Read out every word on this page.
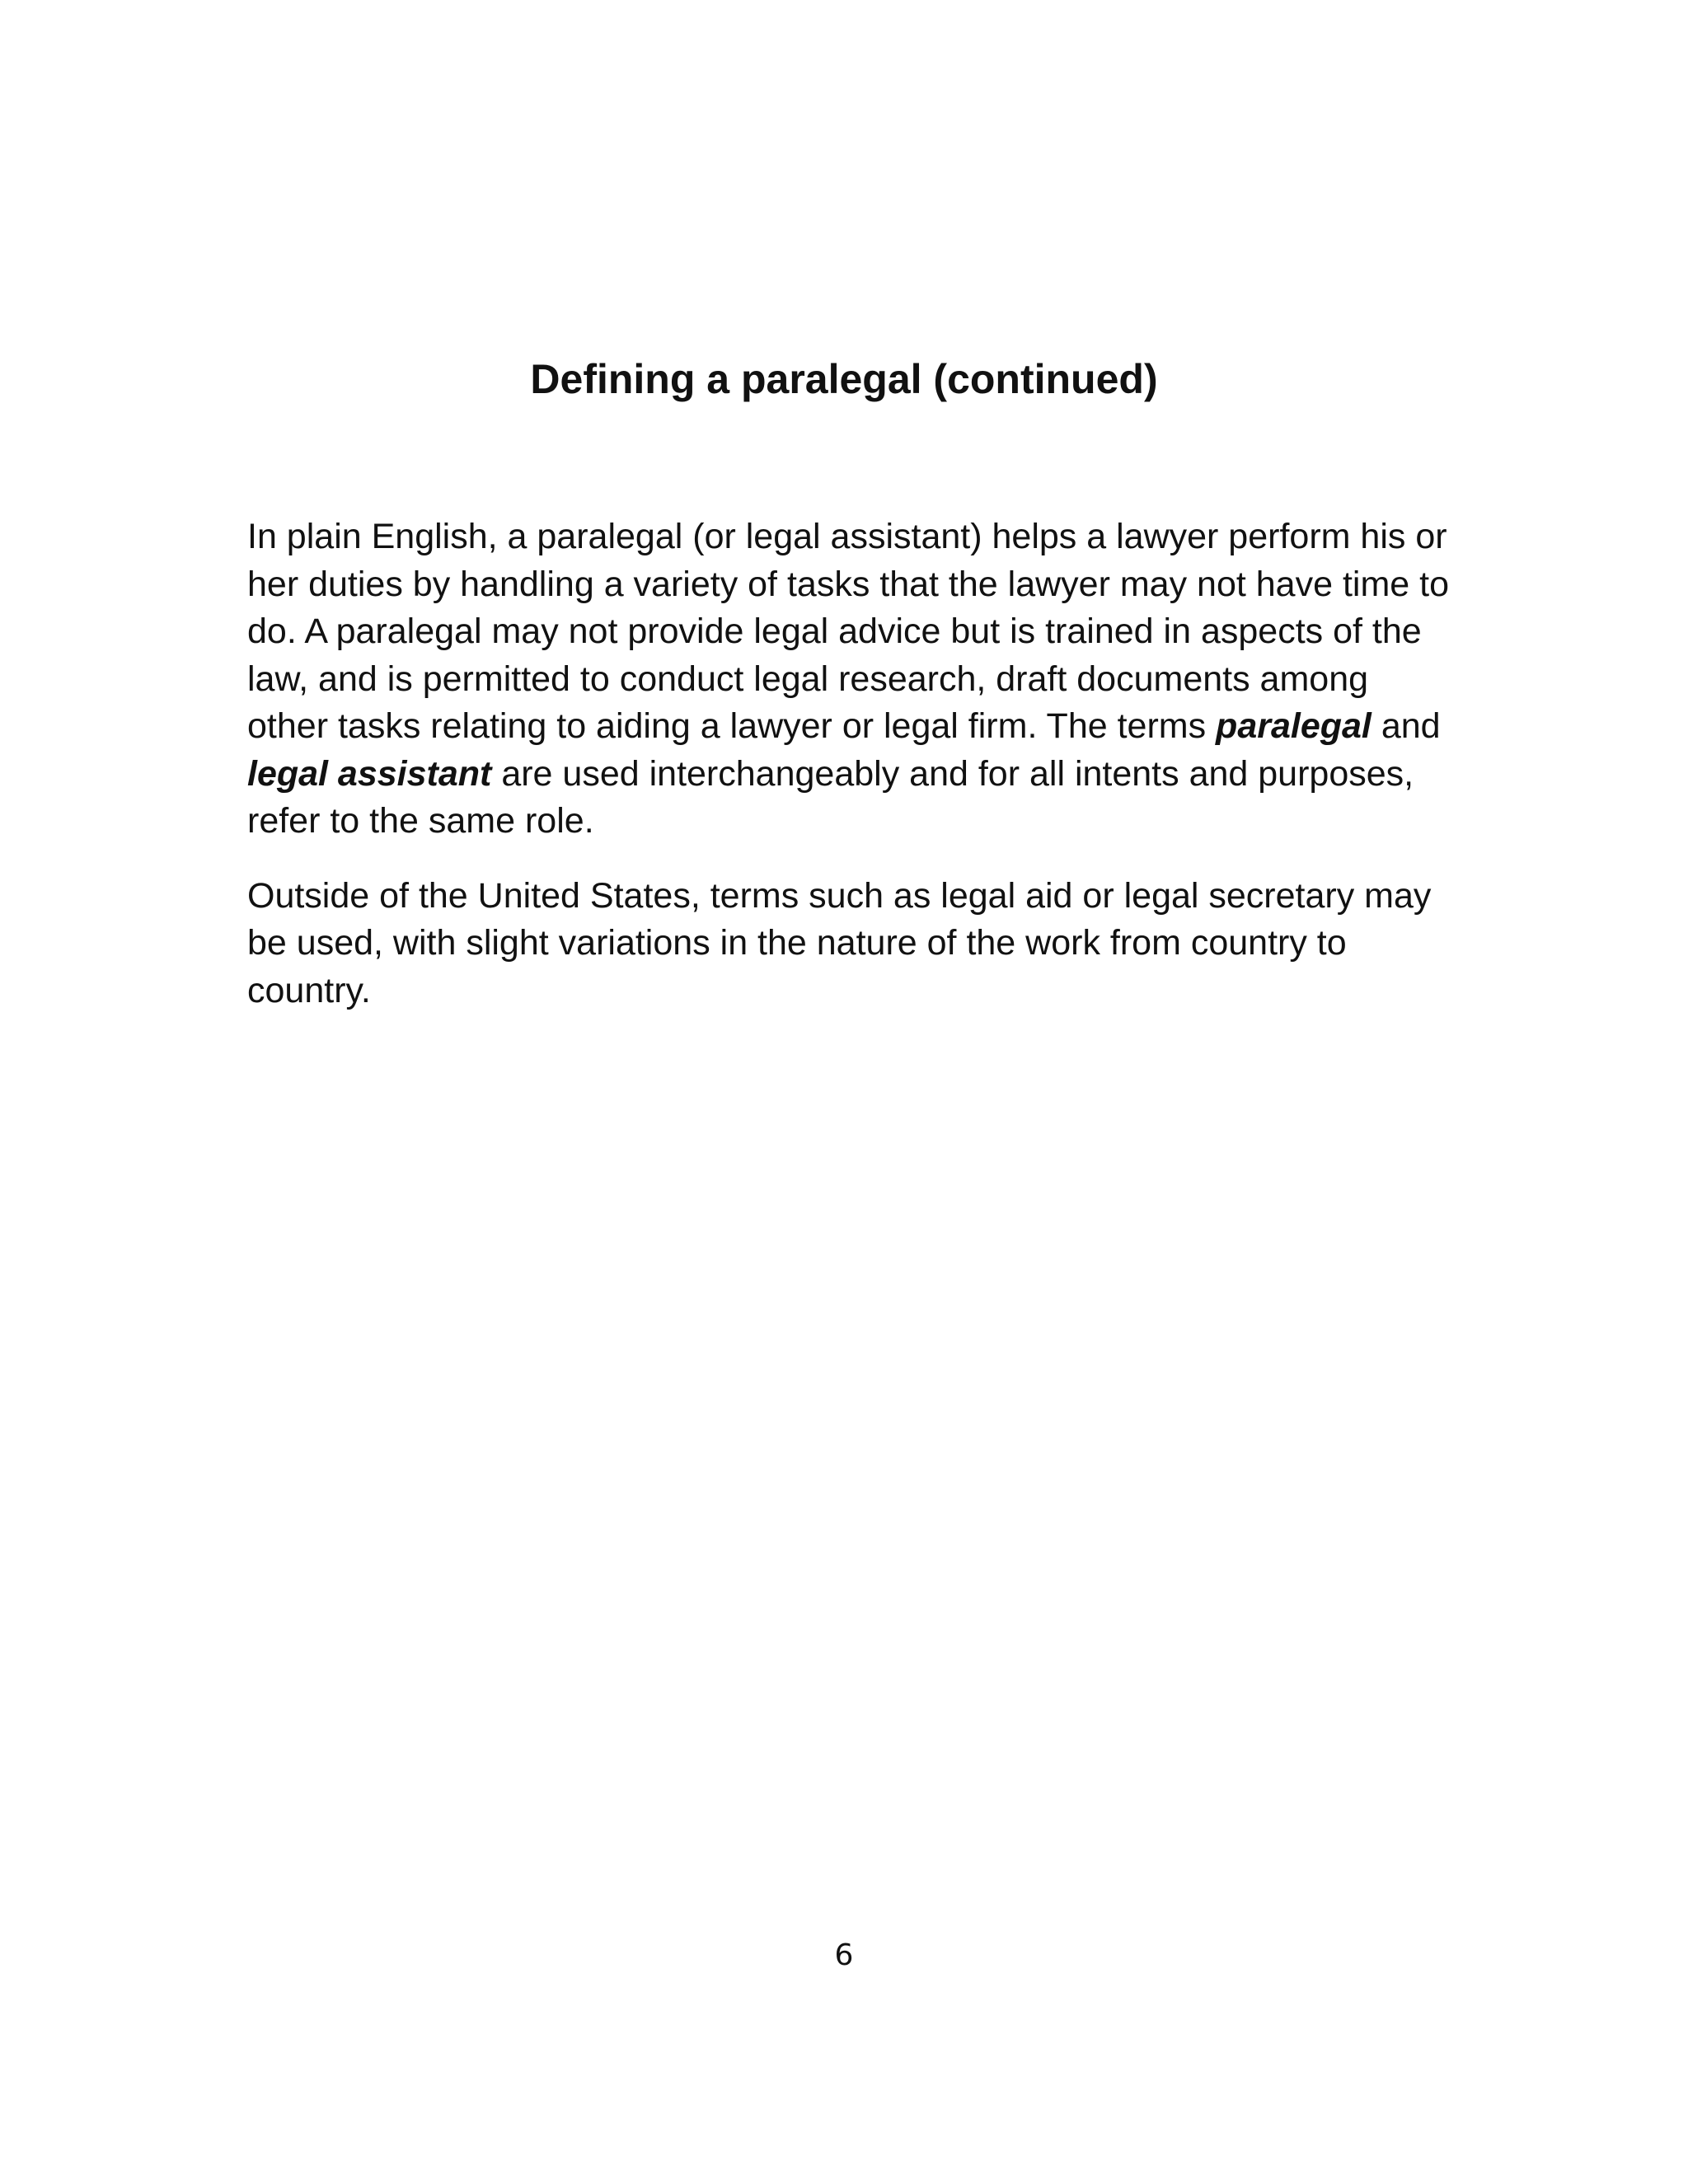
Defining a paralegal (continued)

In plain English, a paralegal (or legal assistant) helps a lawyer perform his or her duties by handling a variety of tasks that the lawyer may not have time to do. A paralegal may not provide legal advice but is trained in aspects of the law, and is permitted to conduct legal research, draft documents among other tasks relating to aiding a lawyer or legal firm. The terms paralegal and legal assistant are used interchangeably and for all intents and purposes, refer to the same role.

Outside of the United States, terms such as legal aid or legal secretary may be used, with slight variations in the nature of the work from country to country.

6
